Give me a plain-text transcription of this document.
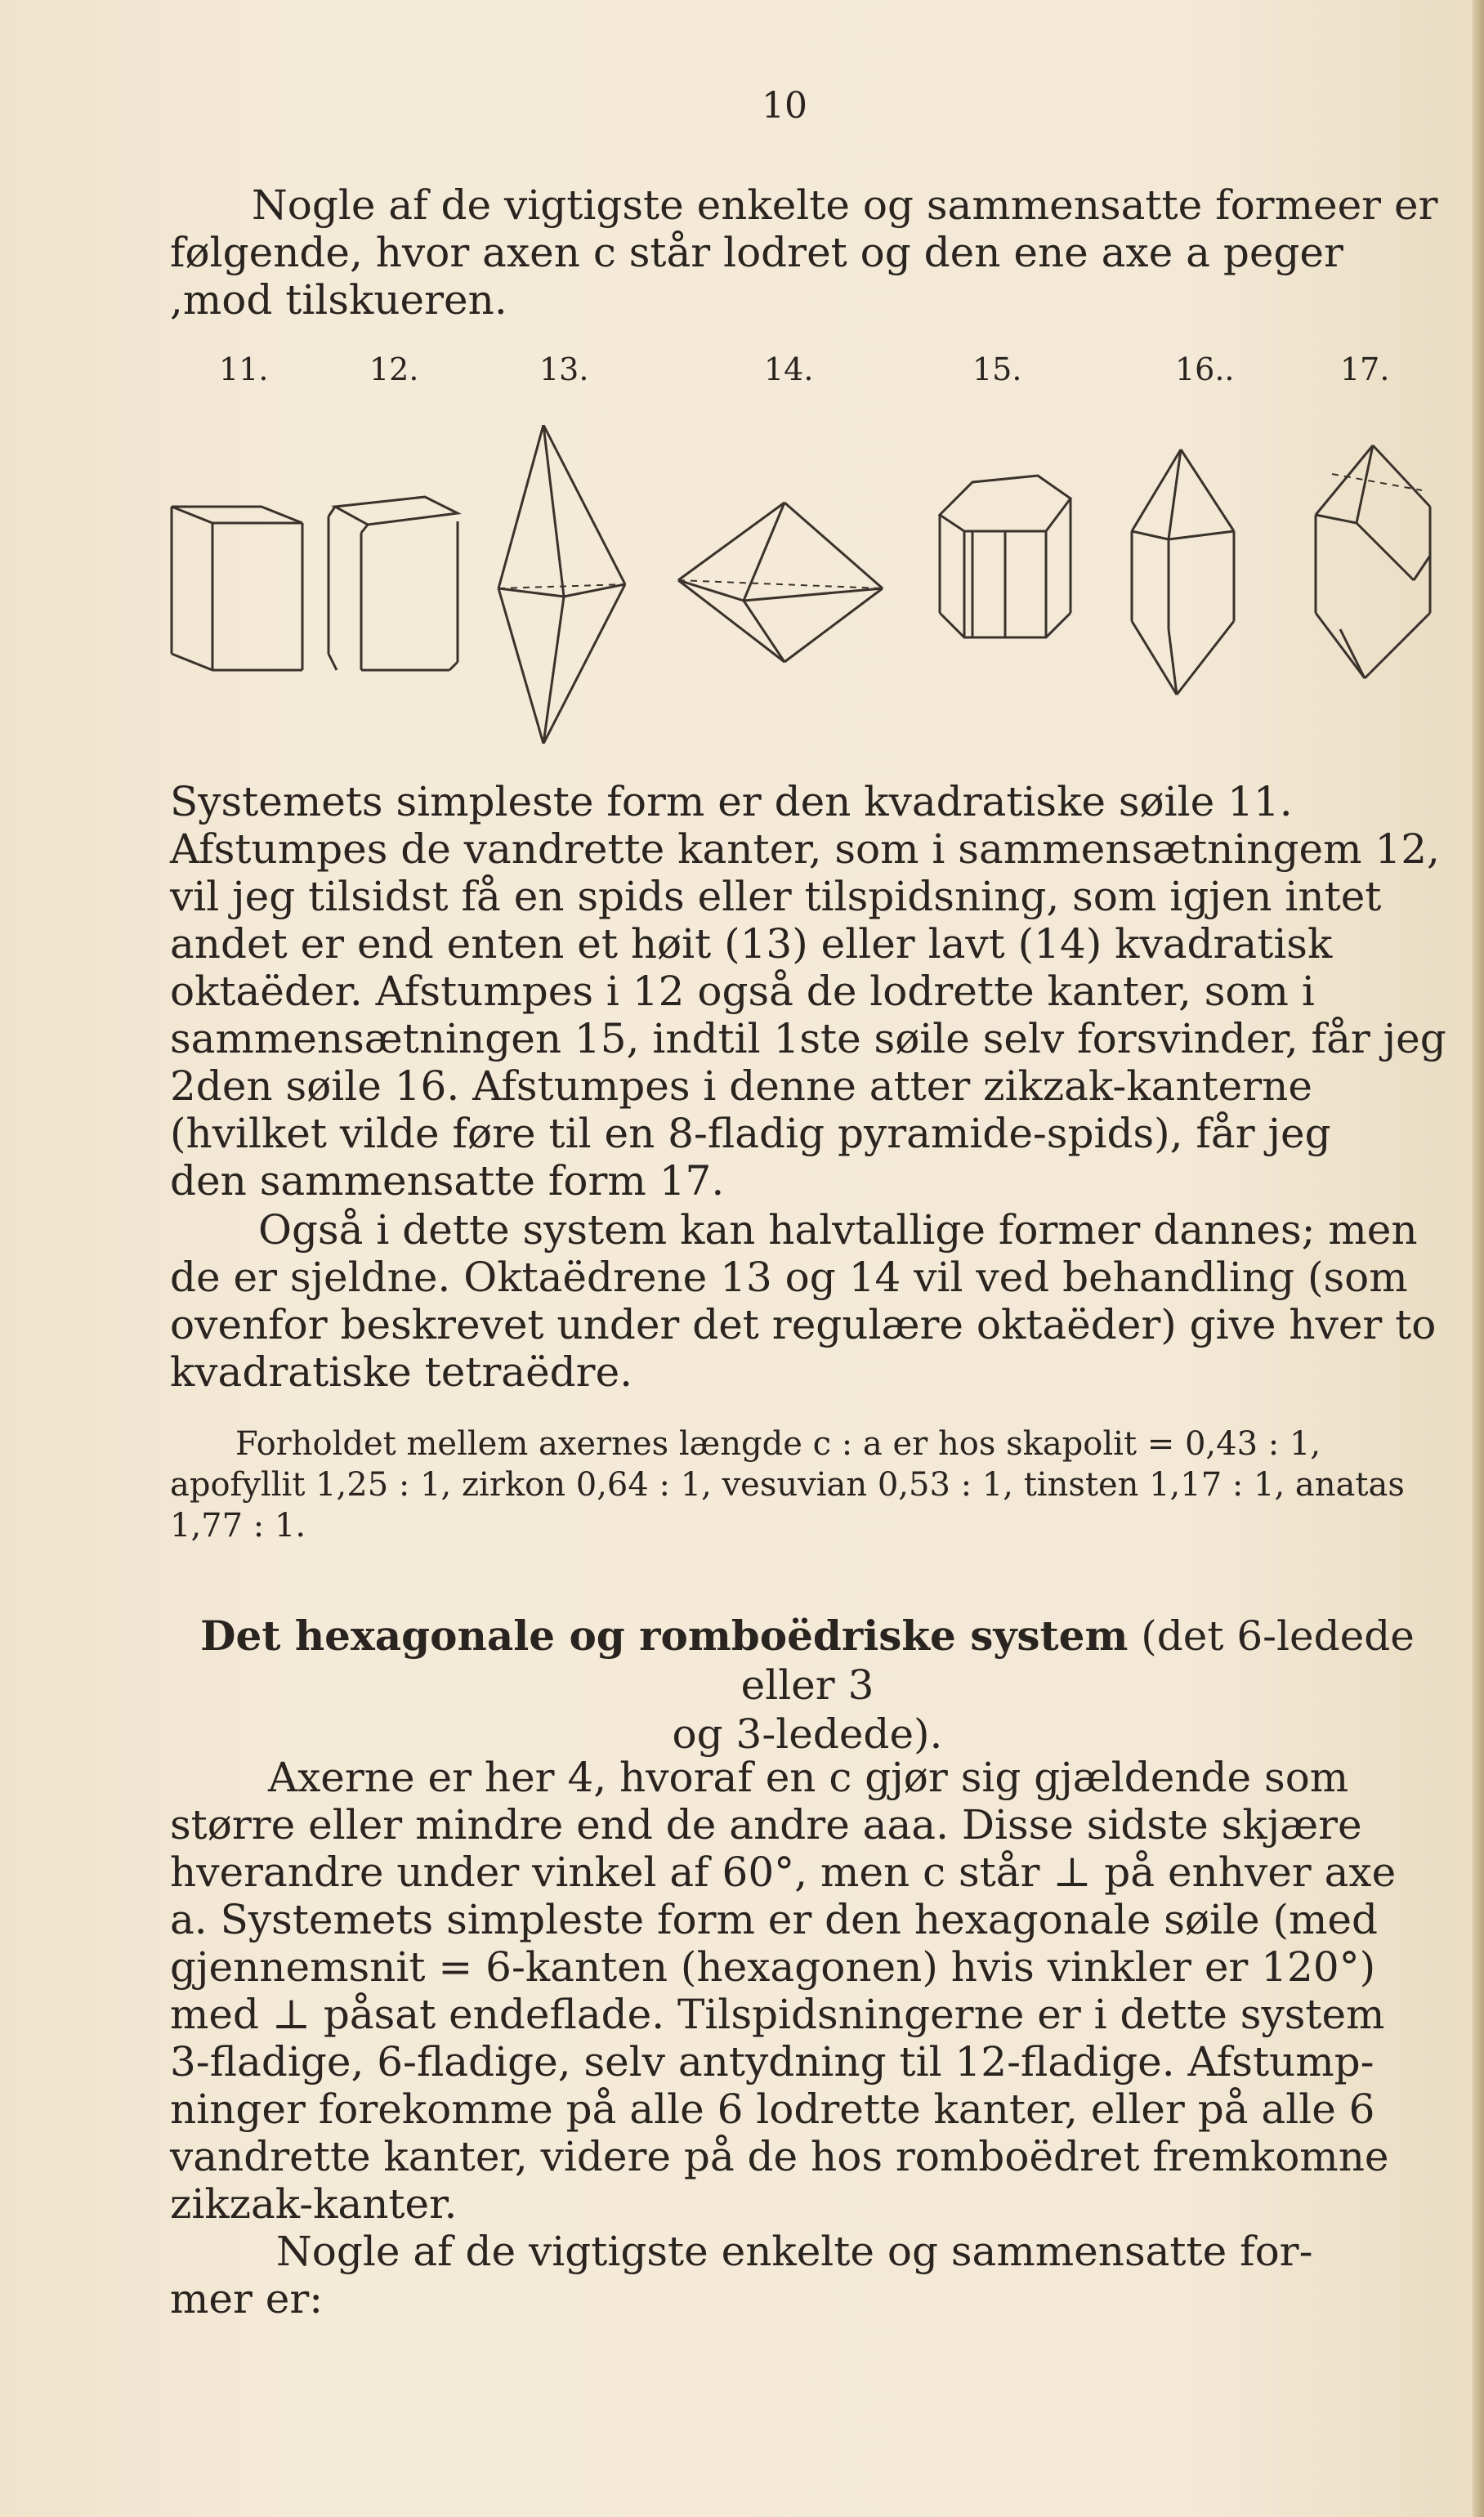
10
Nogle af de vigtigste enkelte og sammensatte formeer er
følgende, hvor axen c står lodret og den ene axe a peger
,mod tilskueren.
11.	12.	13.	14.	15.	16..	17.
Systemets simpleste form er den kvadratiske søile 11.
Afstumpes de vandrette kanter, som i sammensætningem 12,
vil jeg tilsidst få en spids eller tilspidsning, som igjen intet
andet er end enten et høit (13) eller lavt (14) kvadratisk
oktaëder. Afstumpes i 12 også de lodrette kanter, som i
sammensætningen 15, indtil 1ste søile selv forsvinder, får jeg
2den søile 16. Afstumpes i denne atter zikzak-kanterne
(hvilket vilde føre til en 8-fladig pyramide-spids), får jeg
den sammensatte form 17.
Også i dette system kan halvtallige former dannes; men
de er sjeldne. Oktaëdrene 13 og 14 vil ved behandling (som
ovenfor beskrevet under det regulære oktaëder) give hver to
kvadratiske tetraëdre.
Forholdet mellem axernes længde c : a er hos skapolit = 0,43 : 1,
apofyllit 1,25 : 1, zirkon 0,64 : 1, vesuvian 0,53 : 1, tinsten 1,17 : 1, anatas
1,77 : 1.
Det hexagonale og romboëdriske system (det 6-ledede eller 3
og 3-ledede).
Axerne er her 4, hvoraf en c gjør sig gjældende som
større eller mindre end de andre aaa. Disse sidste skjære
hverandre under vinkel af 60°, men c står ⊥ på enhver axe
a. Systemets simpleste form er den hexagonale søile (med
gjennemsnit = 6-kanten (hexagonen) hvis vinkler er 120°)
med ⊥ påsat endeflade. Tilspidsningerne er i dette system
3-fladige, 6-fladige, selv antydning til 12-fladige. Afstump-
ninger forekomme på alle 6 lodrette kanter, eller på alle 6
vandrette kanter, videre på de hos romboëdret fremkomne
zikzak-kanter.
Nogle af de vigtigste enkelte og sammensatte for-
mer er:
